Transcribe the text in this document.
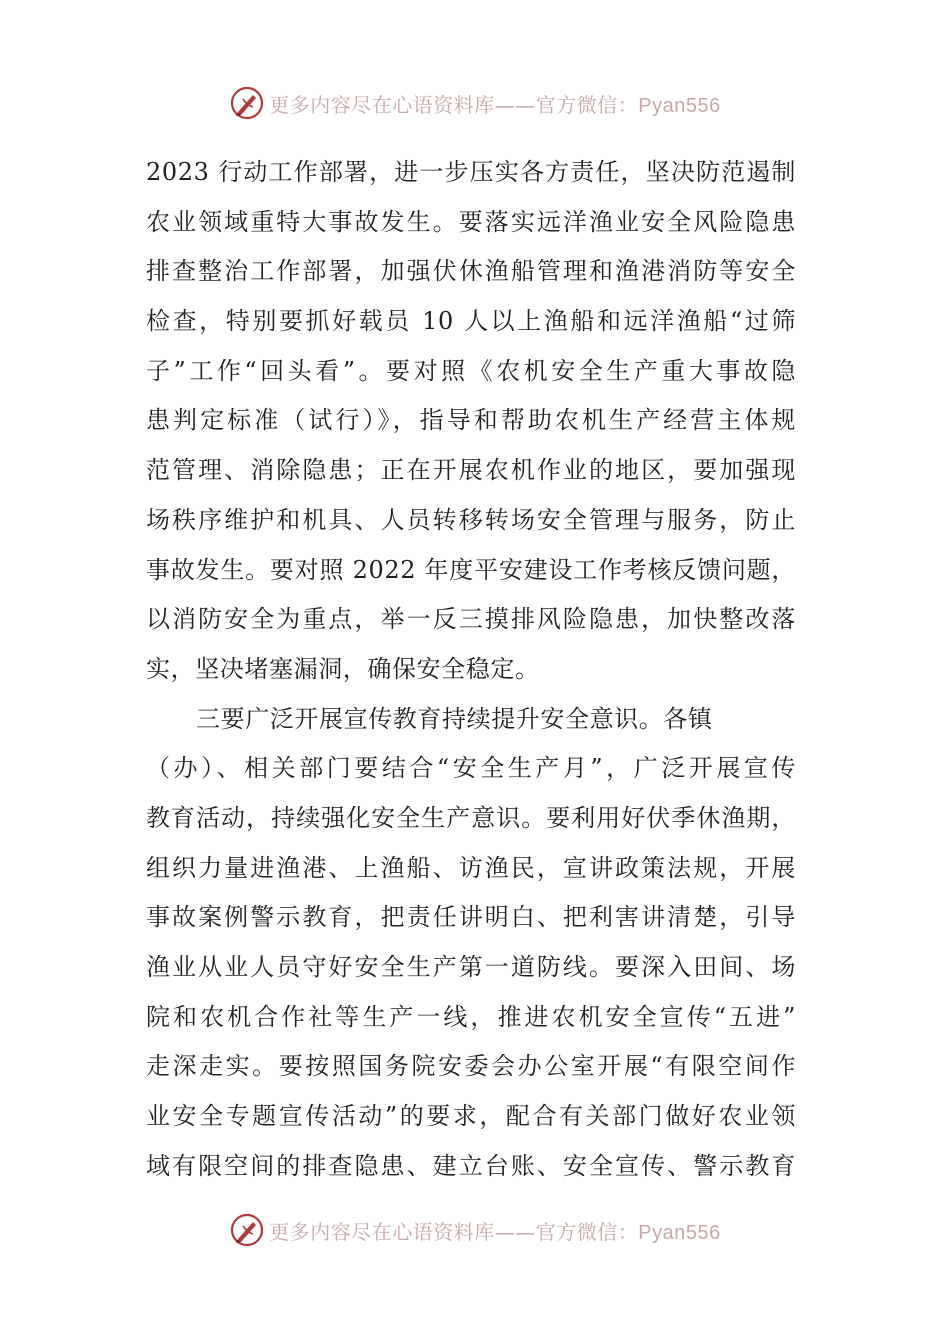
更多内容尽在心语资料库——官方微信：Pyan556
2023 行动工作部署，进一步压实各方责任，坚决防范遏制
农业领域重特大事故发生。要落实远洋渔业安全风险隐患
排查整治工作部署，加强伏休渔船管理和渔港消防等安全
检查，特别要抓好载员 10 人以上渔船和远洋渔船“过筛
子”工作“回头看”。要对照《农机安全生产重大事故隐
患判定标准（试行）》，指导和帮助农机生产经营主体规
范管理、消除隐患；正在开展农机作业的地区，要加强现
场秩序维护和机具、人员转移转场安全管理与服务，防止
事故发生。要对照 2022 年度平安建设工作考核反馈问题，
以消防安全为重点，举一反三摸排风险隐患，加快整改落
实，坚决堵塞漏洞，确保安全稳定。
三要广泛开展宣传教育持续提升安全意识。各镇
（办）、相关部门要结合“安全生产月”，广泛开展宣传
教育活动，持续强化安全生产意识。要利用好伏季休渔期，
组织力量进渔港、上渔船、访渔民，宣讲政策法规，开展
事故案例警示教育，把责任讲明白、把利害讲清楚，引导
渔业从业人员守好安全生产第一道防线。要深入田间、场
院和农机合作社等生产一线，推进农机安全宣传“五进”
走深走实。要按照国务院安委会办公室开展“有限空间作
业安全专题宣传活动”的要求，配合有关部门做好农业领
域有限空间的排查隐患、建立台账、安全宣传、警示教育
更多内容尽在心语资料库——官方微信：Pyan556
